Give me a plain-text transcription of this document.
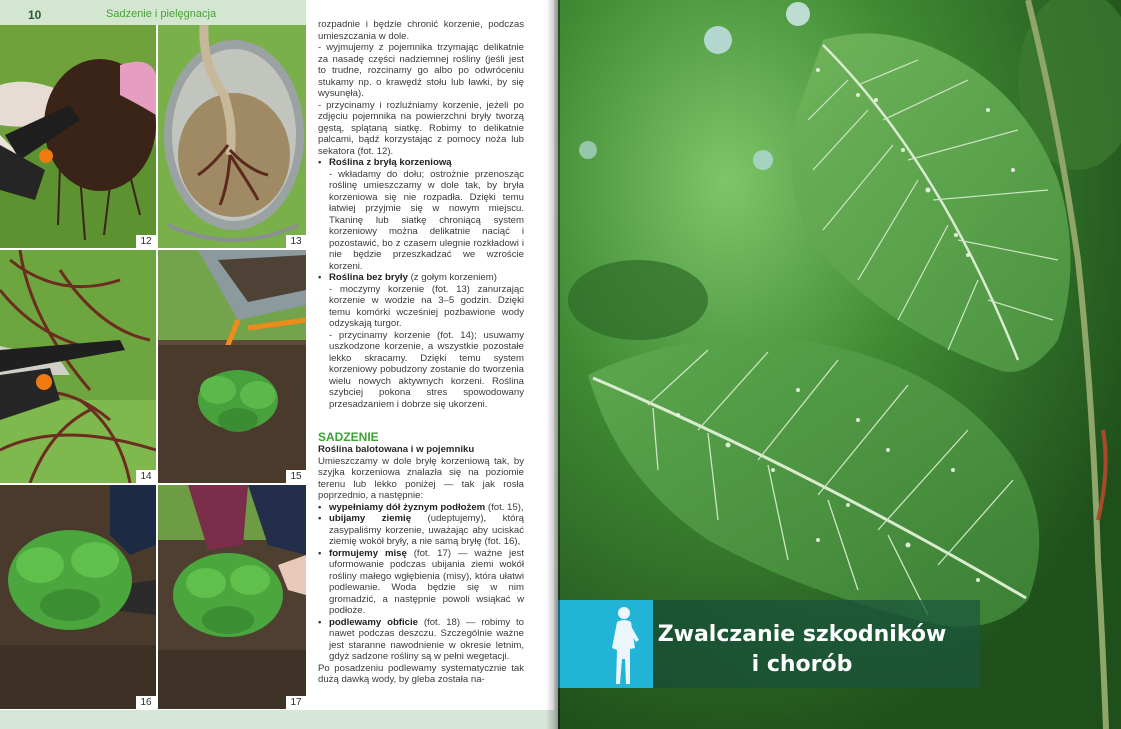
10	Sadzenie i pielęgnacja
12	13
14	15
16	17

rozpadnie i będzie chronić korzenie, podczas umieszczania w dole.

- wyjmujemy z pojemnika trzymając delikatnie za nasadę części nadziemnej rośliny (jeśli jest to trudne, rozcinamy go albo po odwróceniu stukamy np. o krawędź stołu lub ławki, by się wysunęła).

- przycinamy i rozluźniamy korzenie, jeżeli po zdjęciu pojemnika na powierzchni bryły tworzą gęstą, splątaną siatkę. Robimy to delikatnie palcami, bądź korzystając z pomocy noża lub sekatora (fot. 12).

• Roślina z bryłą korzeniową
- wkładamy do dołu; ostrożnie przenosząc roślinę umieszczamy w dole tak, by bryła korzeniowa się nie rozpadła. Dzięki temu łatwiej przyjmie się w nowym miejscu. Tkaninę lub siatkę chroniącą system korzeniowy można delikatnie naciąć i pozostawić, bo z czasem ulegnie rozkładowi i nie będzie przeszkadzać we wzroście korzeni.
• Roślina bez bryły (z gołym korzeniem)
- moczymy korzenie (fot. 13) zanurzając korzenie w wodzie na 3–5 godzin. Dzięki temu komórki wcześniej pozbawione wody odzyskają turgor.
- przycinamy korzenie (fot. 14); usuwamy uszkodzone korzenie, a wszystkie pozostałe lekko skracamy. Dzięki temu system korzeniowy pobudzony zostanie do tworzenia wielu nowych aktywnych korzeni. Roślina szybciej pokona stres spowodowany przesadzaniem i dobrze się ukorzeni.

SADZENIE

Roślina balotowana i w pojemniku

Umieszczamy w dole bryłę korzeniową tak, by szyjka korzeniowa znalazła się na poziomie terenu lub lekko poniżej — tak jak rosła poprzednio, a następnie:

• wypełniamy dół żyznym podłożem (fot. 15),
• ubijamy ziemię (udeptujemy), którą zasypaliśmy korzenie, uważając aby uciskać ziemię wokół bryły, a nie samą bryłę (fot. 16),
• formujemy misę (fot. 17) — ważne jest uformowanie podczas ubijania ziemi wokół rośliny małego wgłębienia (misy), która ułatwi podlewanie. Woda będzie się w nim gromadzić, a następnie powoli wsiąkać w podłoże.
• podlewamy obficie (fot. 18) — robimy to nawet podczas deszczu. Szczególnie ważne jest staranne nawodnienie w okresie letnim, gdyż sadzone rośliny są w pełni wegetacji.

Po posadzeniu podlewamy systematycznie tak dużą dawką wody, by gleba została na-

Zwalczanie szkodników
i chorób
